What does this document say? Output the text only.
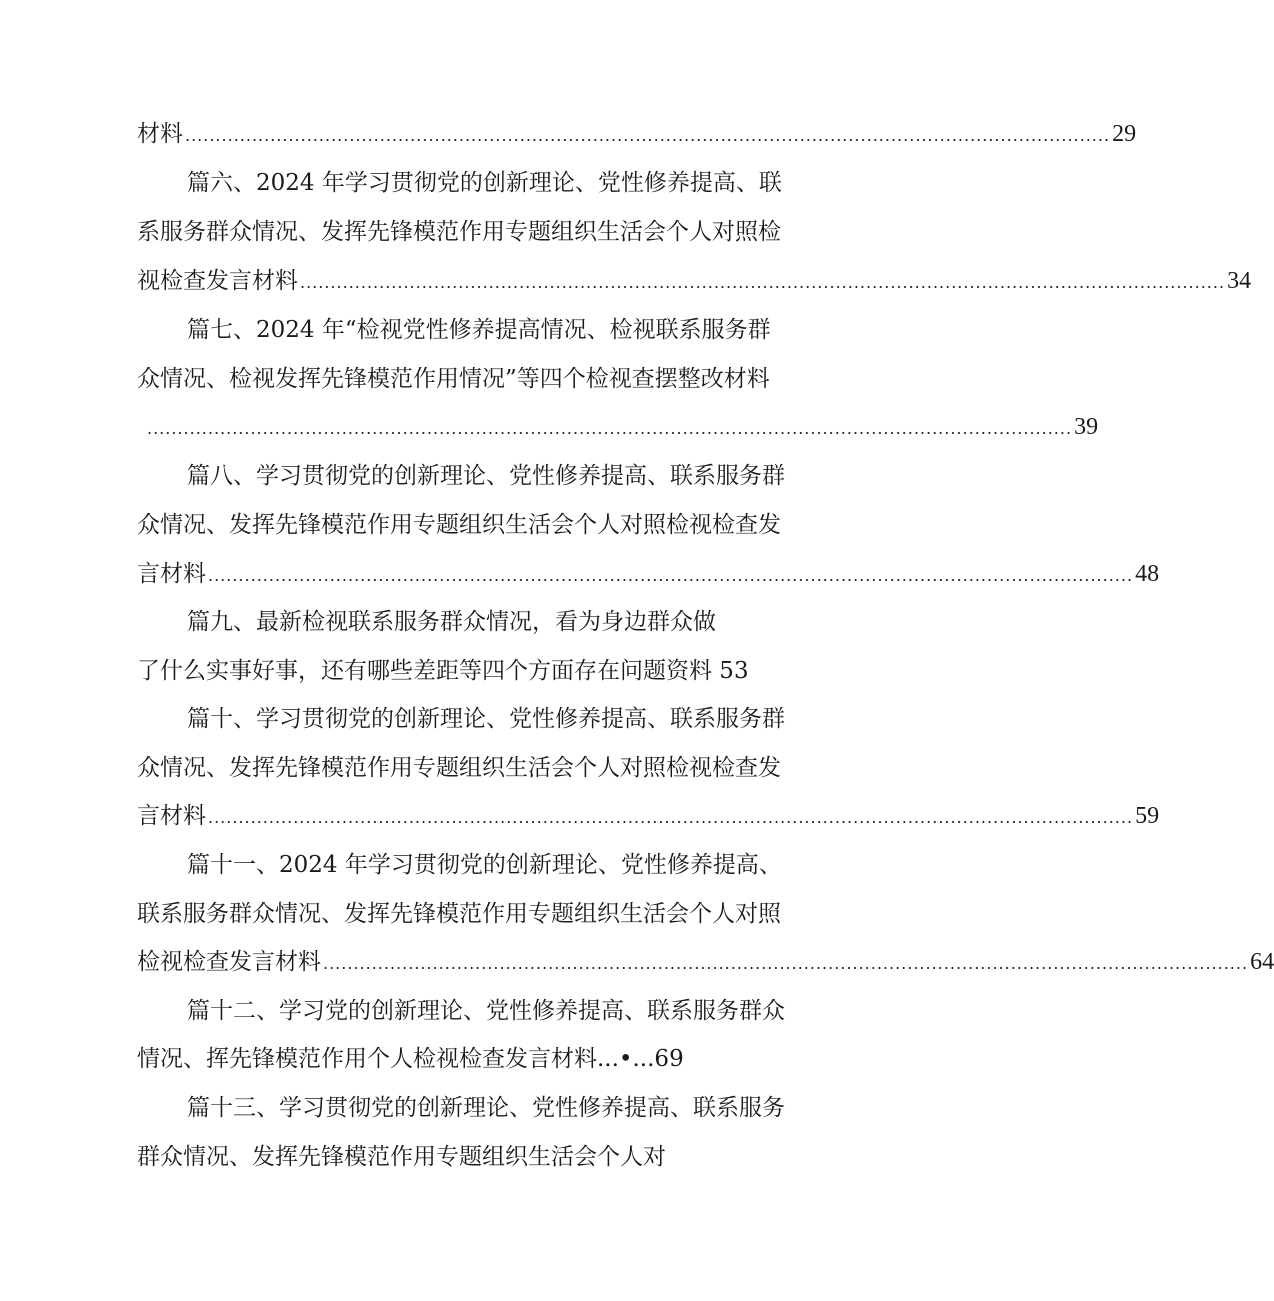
材料 ........................................................................................................................................................ 29
篇六、2024 年学习贯彻党的创新理论、党性修养提高、联
系服务群众情况、发挥先锋模范作用专题组织生活会个人对照检
视检查发言材料 ........................................................................................................................................................ 34
篇七、2024 年“检视党性修养提高情况、检视联系服务群
众情况、检视发挥先锋模范作用情况”等四个检视查摆整改材料
........................................................................................................................................................ 39
篇八、学习贯彻党的创新理论、党性修养提高、联系服务群
众情况、发挥先锋模范作用专题组织生活会个人对照检视检查发
言材料 ........................................................................................................................................................ 48
篇九、最新检视联系服务群众情况，看为身边群众做
了什么实事好事，还有哪些差距等四个方面存在问题资料 53
篇十、学习贯彻党的创新理论、党性修养提高、联系服务群
众情况、发挥先锋模范作用专题组织生活会个人对照检视检查发
言材料 ........................................................................................................................................................ 59
篇十一、2024 年学习贯彻党的创新理论、党性修养提高、
联系服务群众情况、发挥先锋模范作用专题组织生活会个人对照
检视检查发言材料 ........................................................................................................................................................ 64
篇十二、学习党的创新理论、党性修养提高、联系服务群众
情况、挥先锋模范作用个人检视检查发言材料...•...69
篇十三、学习贯彻党的创新理论、党性修养提高、联系服务
群众情况、发挥先锋模范作用专题组织生活会个人对
